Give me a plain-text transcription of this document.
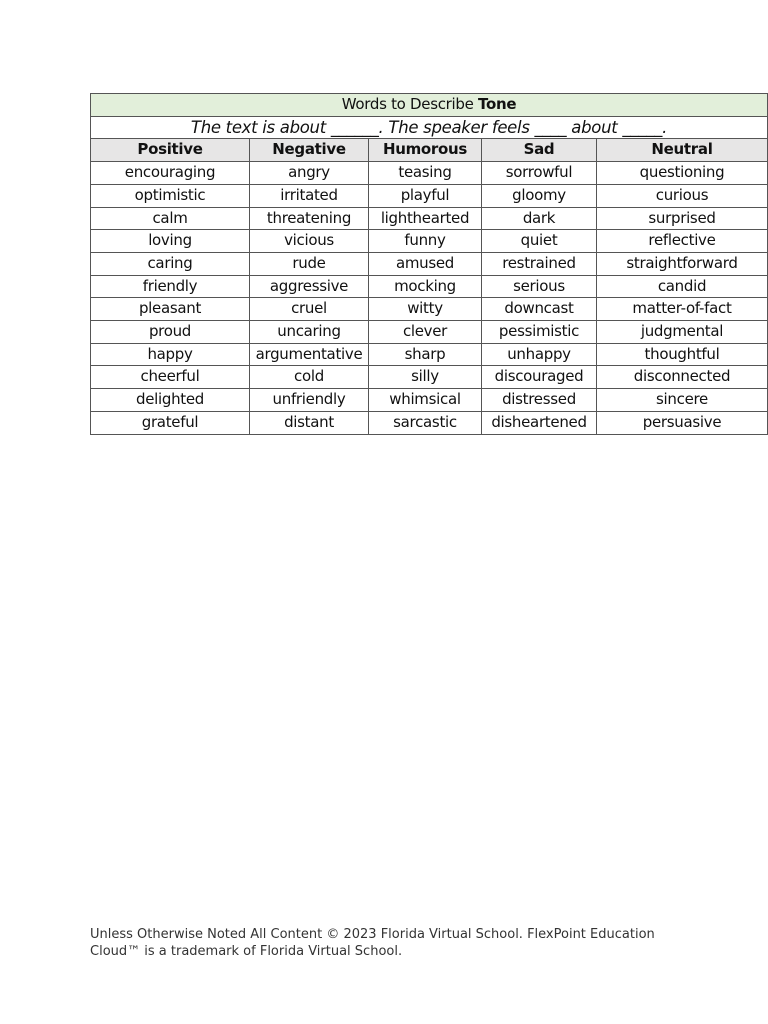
Words to Describe Tone				
The text is about ______. The speaker feels ____ about _____.				
Positive	Negative	Humorous	Sad	Neutral
encouraging	angry	teasing	sorrowful	questioning
optimistic	irritated	playful	gloomy	curious
calm	threatening	lighthearted	dark	surprised
loving	vicious	funny	quiet	reflective
caring	rude	amused	restrained	straightforward
friendly	aggressive	mocking	serious	candid
pleasant	cruel	witty	downcast	matter-of-fact
proud	uncaring	clever	pessimistic	judgmental
happy	argumentative	sharp	unhappy	thoughtful
cheerful	cold	silly	discouraged	disconnected
delighted	unfriendly	whimsical	distressed	sincere
grateful	distant	sarcastic	disheartened	persuasive
Unless Otherwise Noted All Content © 2023 Florida Virtual School. FlexPoint Education Cloud™ is a trademark of Florida Virtual School.
